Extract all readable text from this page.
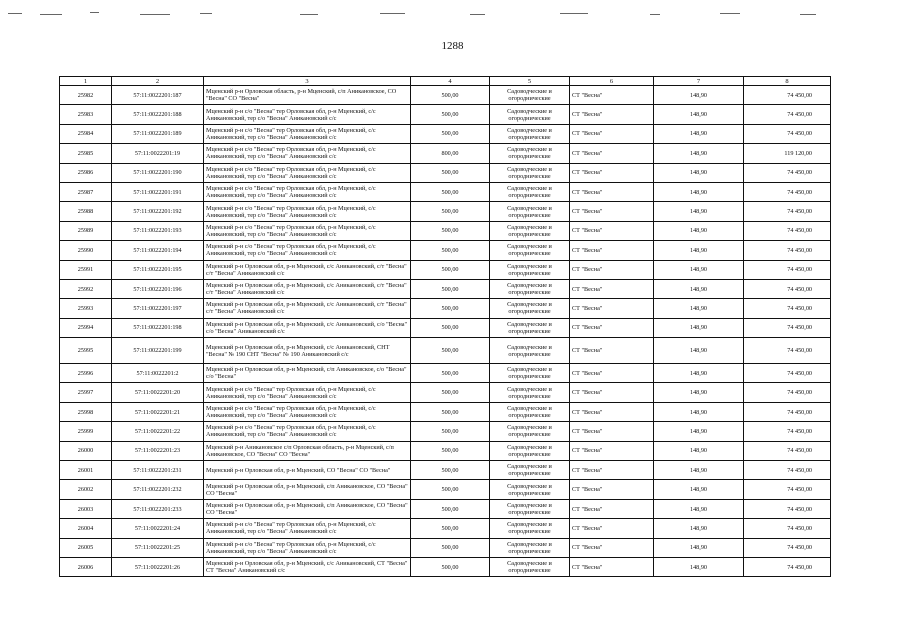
1288
1	2	3	4	5	6	7	8
25982	57:11:0022201:187	Мценский р-н Орловская область, р-н Мценский, с/п Аникановское, СО "Весна" СО "Весна"	500,00	Садоводческие и огороднические	СТ "Весна"	148,90	74 450,00
25983	57:11:0022201:188	Мценский р-н с/о "Весна" тер Орловская обл, р-н Мценский, с/с Аникановский, тер с/о "Весна" Аникановский с/с	500,00	Садоводческие и огороднические	СТ "Весна"	148,90	74 450,00
25984	57:11:0022201:189	Мценский р-н с/о "Весна" тер Орловская обл, р-н Мценский, с/с Аникановский, тер с/о "Весна" Аникановский с/с	500,00	Садоводческие и огороднические	СТ "Весна"	148,90	74 450,00
25985	57:11:0022201:19	Мценский р-н с/о "Весна" тер Орловская обл, р-н Мценский, с/с Аникановский, тер с/о "Весна" Аникановский с/с	800,00	Садоводческие и огороднические	СТ "Весна"	148,90	119 120,00
25986	57:11:0022201:190	Мценский р-н с/о "Весна" тер Орловская обл, р-н Мценский, с/с Аникановский, тер с/о "Весна" Аникановский с/с	500,00	Садоводческие и огороднические	СТ "Весна"	148,90	74 450,00
25987	57:11:0022201:191	Мценский р-н с/о "Весна" тер Орловская обл, р-н Мценский, с/с Аникановский, тер с/о "Весна" Аникановский с/с	500,00	Садоводческие и огороднические	СТ "Весна"	148,90	74 450,00
25988	57:11:0022201:192	Мценский р-н с/о "Весна" тер Орловская обл, р-н Мценский, с/с Аникановский, тер с/о "Весна" Аникановский с/с	500,00	Садоводческие и огороднические	СТ "Весна"	148,90	74 450,00
25989	57:11:0022201:193	Мценский р-н с/о "Весна" тер Орловская обл, р-н Мценский, с/с Аникановский, тер с/о "Весна" Аникановский с/с	500,00	Садоводческие и огороднические	СТ "Весна"	148,90	74 450,00
25990	57:11:0022201:194	Мценский р-н с/о "Весна" тер Орловская обл, р-н Мценский, с/с Аникановский, тер с/о "Весна" Аникановский с/с	500,00	Садоводческие и огороднические	СТ "Весна"	148,90	74 450,00
25991	57:11:0022201:195	Мценский р-н Орловская обл, р-н Мценский, с/с Аникановский, с/т "Весна" с/т "Весна" Аникановский с/с	500,00	Садоводческие и огороднические	СТ "Весна"	148,90	74 450,00
25992	57:11:0022201:196	Мценский р-н Орловская обл, р-н Мценский, с/с Аникановский, с/т "Весна" с/т "Весна" Аникановский с/с	500,00	Садоводческие и огороднические	СТ "Весна"	148,90	74 450,00
25993	57:11:0022201:197	Мценский р-н Орловская обл, р-н Мценский, с/с Аникановский, с/т "Весна" с/т "Весна" Аникановский с/с	500,00	Садоводческие и огороднические	СТ "Весна"	148,90	74 450,00
25994	57:11:0022201:198	Мценский р-н Орловская обл, р-н Мценский, с/с Аникановский, с/о "Весна" с/о "Весна" Аникановский с/с	500,00	Садоводческие и огороднические	СТ "Весна"	148,90	74 450,00
25995	57:11:0022201:199	Мценский р-н Орловская обл, р-н Мценский, с/с Аникановский, СНТ "Весна" № 190 СНТ "Весна" № 190 Аникановский с/с	500,00	Садоводческие и огороднические	СТ "Весна"	148,90	74 450,00
25996	57:11:0022201:2	Мценский р-н Орловская обл, р-н Мценский, с/п Аникановское, с/о "Весна" с/о "Весна"	500,00	Садоводческие и огороднические	СТ "Весна"	148,90	74 450,00
25997	57:11:0022201:20	Мценский р-н с/о "Весна" тер Орловская обл, р-н Мценский, с/с Аникановский, тер с/о "Весна" Аникановский с/с	500,00	Садоводческие и огороднические	СТ "Весна"	148,90	74 450,00
25998	57:11:0022201:21	Мценский р-н с/о "Весна" тер Орловская обл, р-н Мценский, с/с Аникановский, тер с/о "Весна" Аникановский с/с	500,00	Садоводческие и огороднические	СТ "Весна"	148,90	74 450,00
25999	57:11:0022201:22	Мценский р-н с/о "Весна" тер Орловская обл, р-н Мценский, с/с Аникановский, тер с/о "Весна" Аникановский с/с	500,00	Садоводческие и огороднические	СТ "Весна"	148,90	74 450,00
26000	57:11:0022201:23	Мценский р-н Аникановское с/п Орловская область, р-н Мценский, с/п Аникановское, СО "Весна" СО "Весна"	500,00	Садоводческие и огороднические	СТ "Весна"	148,90	74 450,00
26001	57:11:0022201:231	Мценский р-н Орловская обл, р-н Мценский, СО "Весна" СО "Весна"	500,00	Садоводческие и огороднические	СТ "Весна"	148,90	74 450,00
26002	57:11:0022201:232	Мценский р-н Орловская обл, р-н Мценский, с/п Аникановское, СО "Весна" СО "Весна"	500,00	Садоводческие и огороднические	СТ "Весна"	148,90	74 450,00
26003	57:11:0022201:233	Мценский р-н Орловская обл, р-н Мценский, с/п Аникановское, СО "Весна" СО "Весна"	500,00	Садоводческие и огороднические	СТ "Весна"	148,90	74 450,00
26004	57:11:0022201:24	Мценский р-н с/о "Весна" тер Орловская обл, р-н Мценский, с/с Аникановский, тер с/о "Весна" Аникановский с/с	500,00	Садоводческие и огороднические	СТ "Весна"	148,90	74 450,00
26005	57:11:0022201:25	Мценский р-н с/о "Весна" тер Орловская обл, р-н Мценский, с/с Аникановский, тер с/о "Весна" Аникановский с/с	500,00	Садоводческие и огороднические	СТ "Весна"	148,90	74 450,00
26006	57:11:0022201:26	Мценский р-н Орловская обл, р-н Мценский, с/с Аникановский, СТ "Весна" СТ "Весна" Аникановский с/с	500,00	Садоводческие и огороднические	СТ "Весна"	148,90	74 450,00
